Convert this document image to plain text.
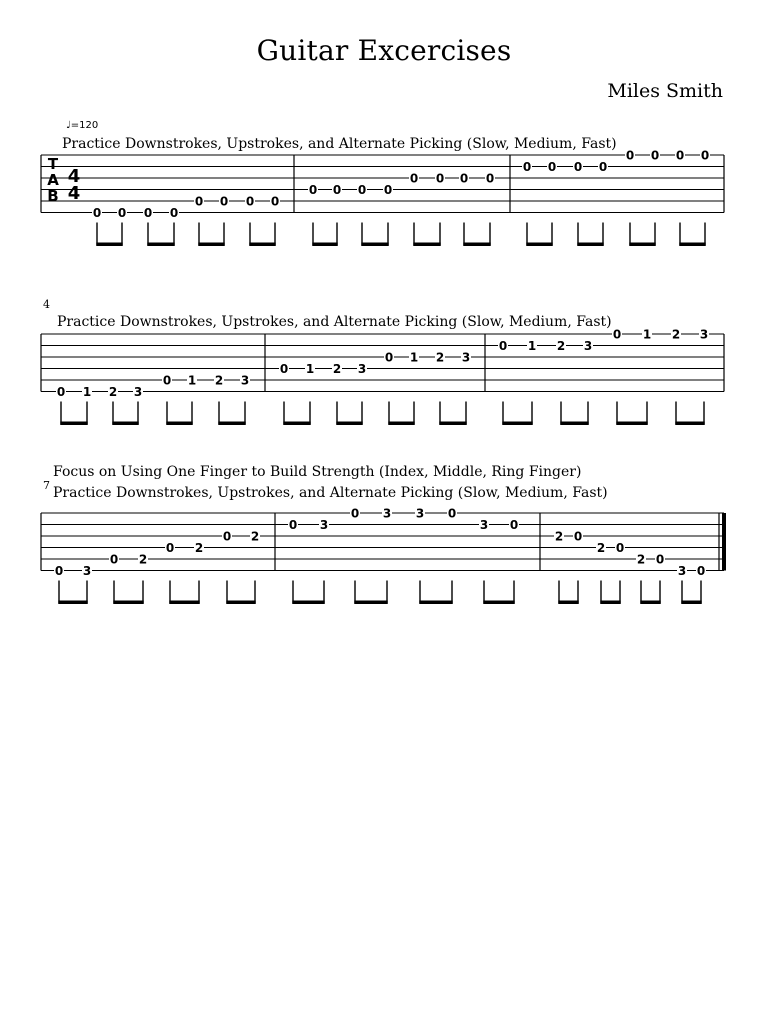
Guitar Excercises
Miles Smith
♩=120
Practice Downstrokes, Upstrokes, and Alternate Picking (Slow, Medium, Fast)
T
A
B
4
4
0 0 0 0
0 0 0 0
0 0 0 0
0 0 0 0
0 0 0 0
0 0 0 0
4
Practice Downstrokes, Upstrokes, and Alternate Picking (Slow, Medium, Fast)
0 1 2 3
0 1 2 3
0 1 2 3
0 1 2 3
0 1 2 3
0 1 2 3
7
Focus on Using One Finger to Build Strength (Index, Middle, Ring Finger)
Practice Downstrokes, Upstrokes, and Alternate Picking (Slow, Medium, Fast)
0 3
0 2
0 2
0 2
0 3
0 3 3 0
3 0
2 0
2 0
2 0
3 0
